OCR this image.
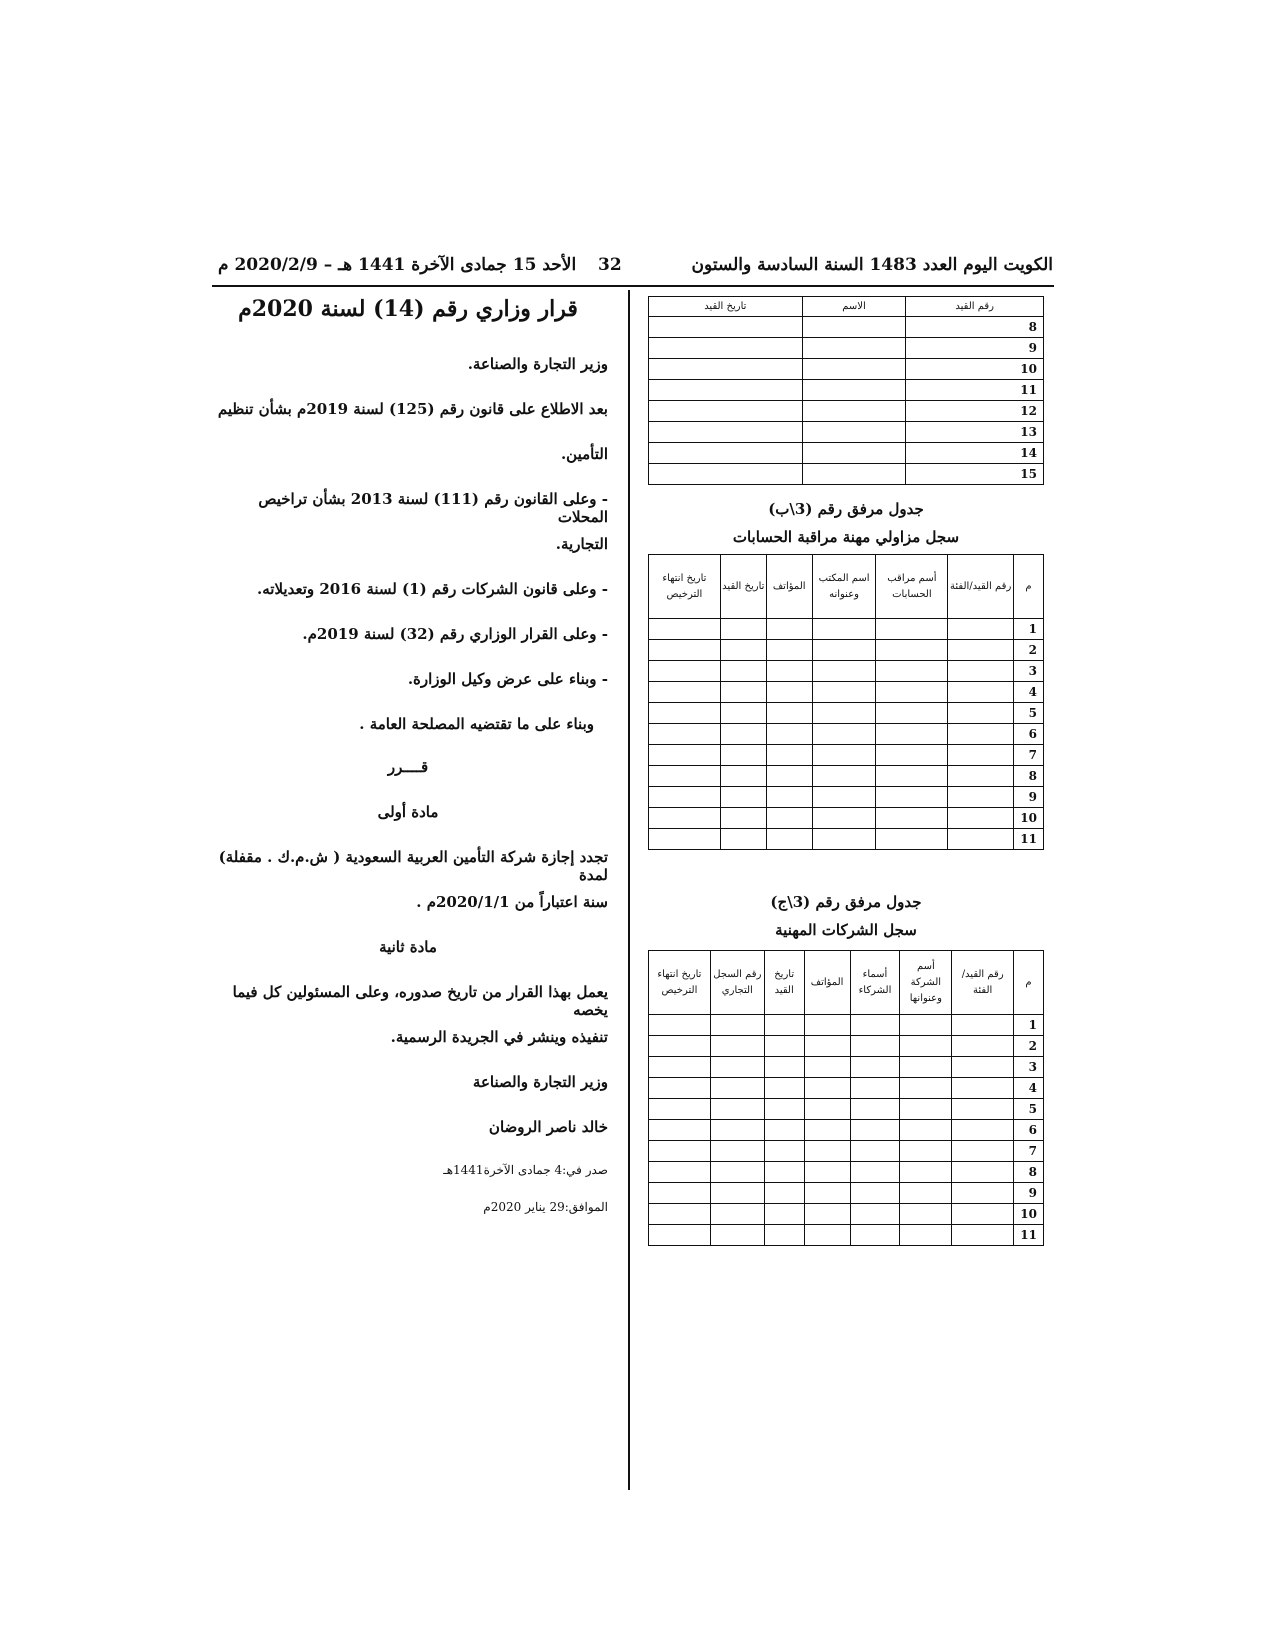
الكويت اليوم العدد 1483 السنة السادسة والستون
32
الأحد 15 جمادى الآخرة 1441 هـ – 2020/2/9 م
قرار وزاري رقم (14) لسنة 2020م
وزير التجارة والصناعة.
بعد الاطلاع على قانون رقم (125) لسنة 2019م بشأن تنظيم
التأمين.
- وعلى القانون رقم (111) لسنة 2013 بشأن تراخيص المحلات
التجارية.
- وعلى قانون الشركات رقم (1) لسنة 2016 وتعديلاته.
- وعلى القرار الوزاري رقم (32) لسنة 2019م.
- وبناء على عرض وكيل الوزارة.
وبناء على ما تقتضيه المصلحة العامة .
قــــرر
مادة أولى
تجدد إجازة شركة التأمين العربية السعودية ( ش.م.ك . مقفلة) لمدة
سنة اعتباراً من 2020/1/1م .
مادة ثانية
يعمل بهذا القرار من تاريخ صدوره، وعلى المسئولين كل فيما يخصه
تنفيذه وينشر في الجريدة الرسمية.
وزير التجارة والصناعة
خالد ناصر الروضان
صدر في:4 جمادى الآخرة1441هـ
الموافق:29 يناير 2020م
رقم القيد	الاسم	تاريخ القيد
8		
9		
10		
11		
12		
13		
14		
15		
جدول مرفق رقم (3\ب)
سجل مزاولي مهنة مراقبة الحسابات
م	رقم القيد/الفئة	أسم مراقب الحسابات	اسم المكتب وعنوانه	المؤاتف	تاريخ القيد	تاريخ انتهاء الترخيص
1						
2						
3						
4						
5						
6						
7						
8						
9						
10						
11						
جدول مرفق رقم (3\ج)
سجل الشركات المهنية
م	رقم القيد/الفئة	أسم الشركة وعنوانها	أسماء الشركاء	المؤاتف	تاريخ القيد	رقم السجل التجاري	تاريخ انتهاء الترخيص
1							
2							
3							
4							
5							
6							
7							
8							
9							
10							
11							
